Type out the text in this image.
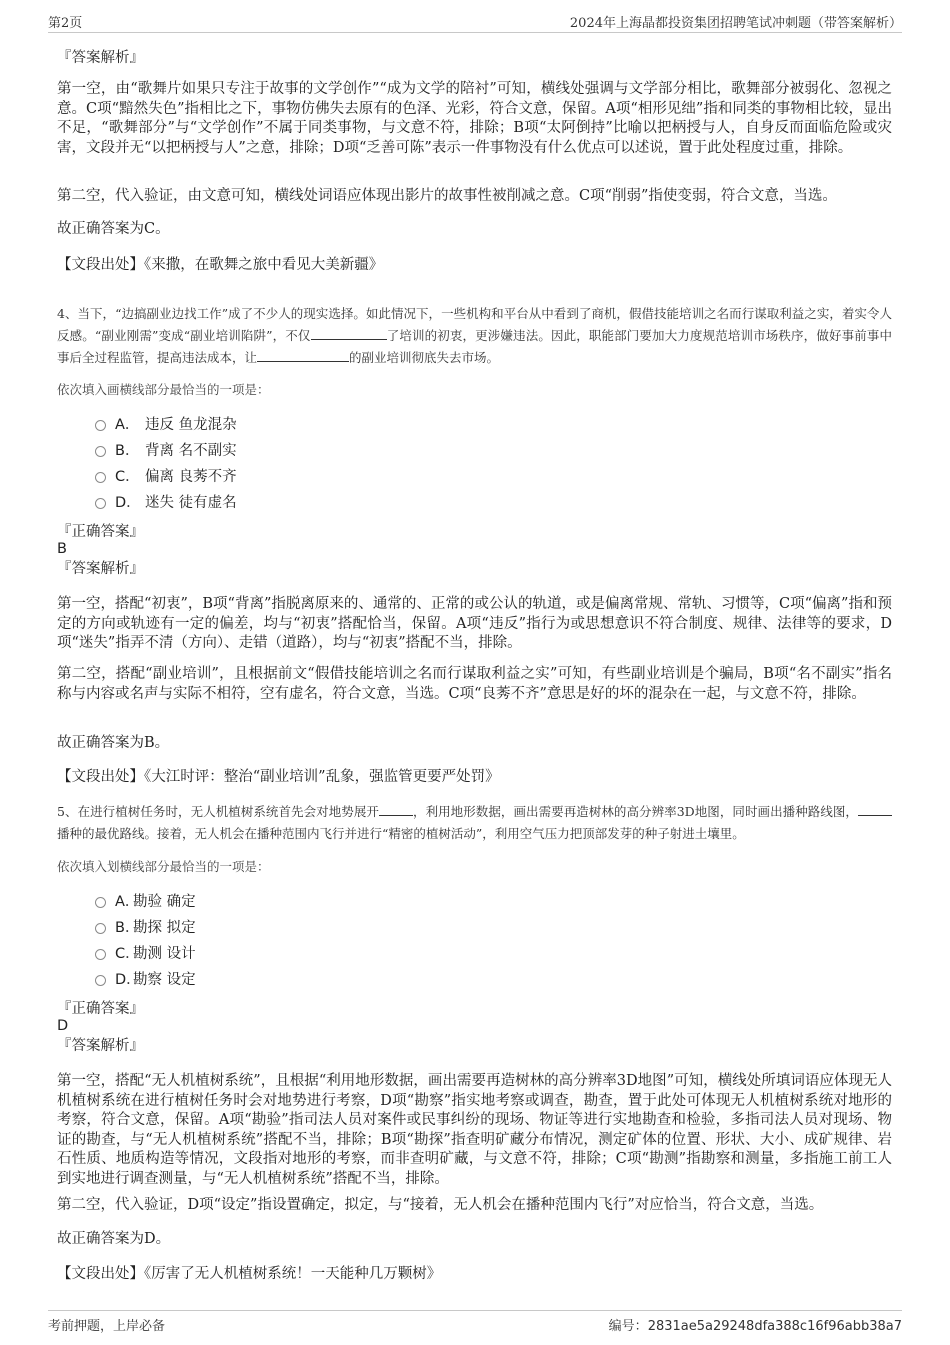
第2页	2024年上海晶都投资集团招聘笔试冲刺题（带答案解析）

『答案解析』

第一空，由“歌舞片如果只专注于故事的文学创作”“成为文学的陪衬”可知，横线处强调与文学部分相比，歌舞部分被弱化、忽视之意。C项“黯然失色”指相比之下，事物仿佛失去原有的色泽、光彩，符合文意，保留。A项“相形见绌”指和同类的事物相比较，显出不足，“歌舞部分”与“文学创作”不属于同类事物，与文意不符，排除；B项“太阿倒持”比喻以把柄授与人，自身反而面临危险或灾害，文段并无“以把柄授与人”之意，排除；D项“乏善可陈”表示一件事物没有什么优点可以述说，置于此处程度过重，排除。

第二空，代入验证，由文意可知，横线处词语应体现出影片的故事性被削减之意。C项“削弱”指使变弱，符合文意，当选。

故正确答案为C。

【文段出处】《来撒，在歌舞之旅中看见大美新疆》

4、当下，“边搞副业边找工作”成了不少人的现实选择。如此情况下，一些机构和平台从中看到了商机，假借技能培训之名而行谋取利益之实，着实令人反感。“副业刚需”变成“副业培训陷阱”，不仅	了培训的初衷，更涉嫌违法。因此，职能部门要加大力度规范培训市场秩序，做好事前事中事后全过程监管，提高违法成本，让	的副业培训彻底失去市场。

依次填入画横线部分最恰当的一项是：

A． 违反 鱼龙混杂
B． 背离 名不副实
C． 偏离 良莠不齐
D． 迷失 徒有虚名

『正确答案』

B

『答案解析』

第一空，搭配“初衷”，B项“背离”指脱离原来的、通常的、正常的或公认的轨道，或是偏离常规、常轨、习惯等，C项“偏离”指和预定的方向或轨迹有一定的偏差，均与“初衷”搭配恰当，保留。A项“违反”指行为或思想意识不符合制度、规律、法律等的要求，D项“迷失”指弄不清（方向）、走错（道路），均与“初衷”搭配不当，排除。

第二空，搭配“副业培训”，且根据前文“假借技能培训之名而行谋取利益之实”可知，有些副业培训是个骗局，B项“名不副实”指名称与内容或名声与实际不相符，空有虚名，符合文意，当选。C项“良莠不齐”意思是好的坏的混杂在一起，与文意不符，排除。

故正确答案为B。

【文段出处】《大江时评：整治“副业培训”乱象，强监管更要严处罚》

5、在进行植树任务时，无人机植树系统首先会对地势展开	，利用地形数据，画出需要再造树林的高分辨率3D地图，同时画出播种路线图，播种的最优路线。接着，无人机会在播种范围内飞行并进行“精密的植树活动”，利用空气压力把顶部发芽的种子射进土壤里。

依次填入划横线部分最恰当的一项是：

A．
勘验 确定
B．
勘探 拟定
C．
勘测 设计
D．
勘察 设定

『正确答案』

D

『答案解析』

第一空，搭配“无人机植树系统”，且根据“利用地形数据，画出需要再造树林的高分辨率3D地图”可知，横线处所填词语应体现无人机植树系统在进行植树任务时会对地势进行考察，D项“勘察”指实地考察或调查，勘查，置于此处可体现无人机植树系统对地形的考察，符合文意，保留。A项“勘验”指司法人员对案件或民事纠纷的现场、物证等进行实地勘查和检验，多指司法人员对现场、物证的勘查，与“无人机植树系统”搭配不当，排除；B项“勘探”指查明矿藏分布情况，测定矿体的位置、形状、大小、成矿规律、岩石性质、地质构造等情况，文段指对地形的考察，而非查明矿藏，与文意不符，排除；C项“勘测”指勘察和测量，多指施工前工人到实地进行调查测量，与“无人机植树系统”搭配不当，排除。

第二空，代入验证，D项“设定”指设置确定，拟定，与“接着，无人机会在播种范围内飞行”对应恰当，符合文意，当选。

故正确答案为D。

【文段出处】《厉害了无人机植树系统！一天能种几万颗树》

考前押题，上岸必备	编号：2831ae5a29248dfa388c16f96abb38a7
